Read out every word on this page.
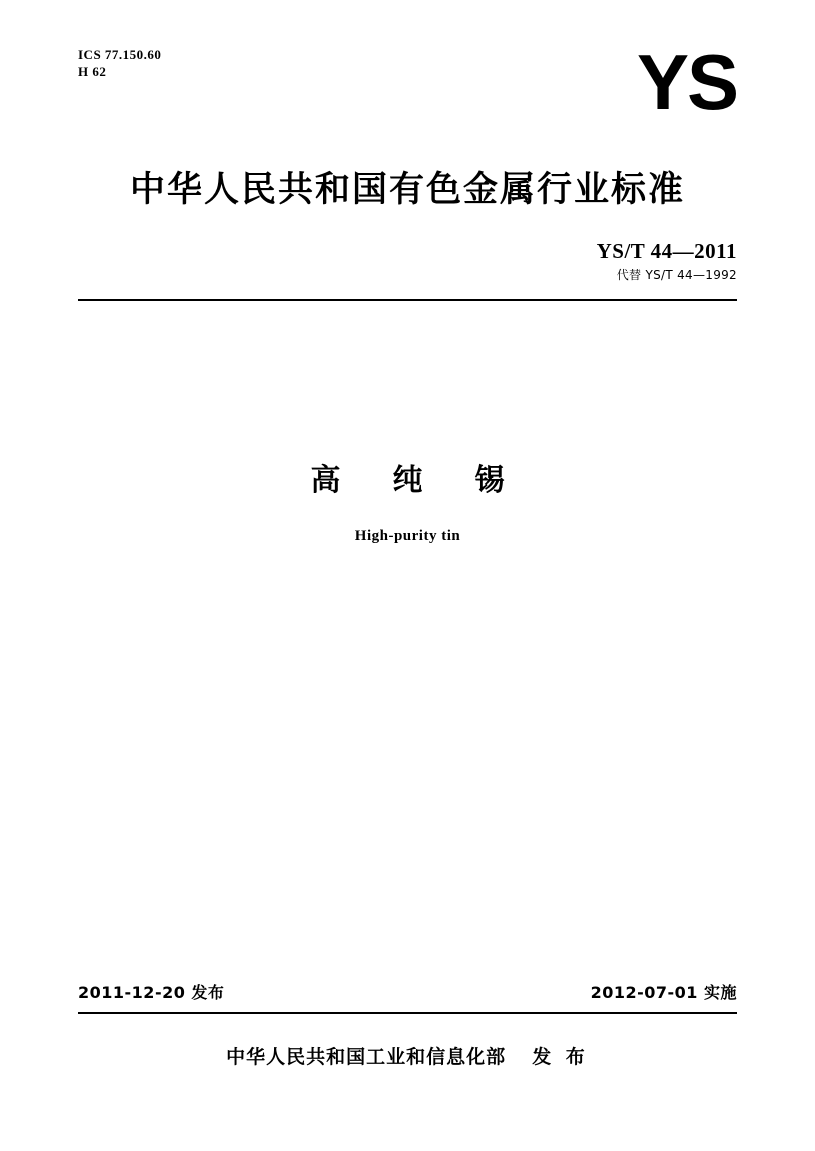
ICS 77.150.60
H 62	YS
中华人民共和国有色金属行业标准
YS/T 44—2011
代替 YS/T 44—1992
高纯锡
High-purity tin
2011-12-20 发布	2012-07-01 实施
中华人民共和国工业和信息化部 发 布
